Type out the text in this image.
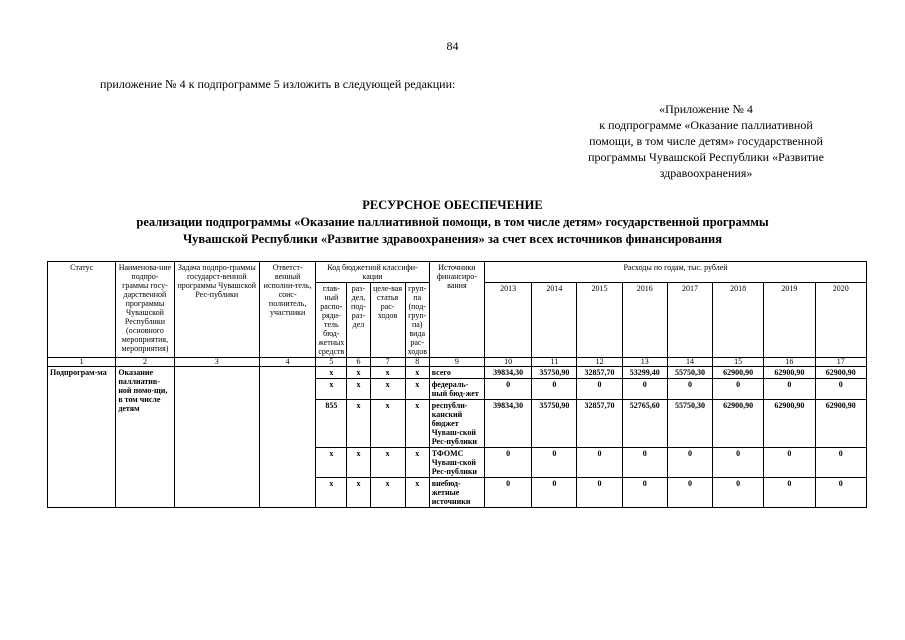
84
приложение № 4 к подпрограмме 5 изложить в следующей редакции:
«Приложение № 4
к подпрограмме «Оказание паллиативной
помощи, в том числе детям» государственной
программы Чувашской Республики «Развитие
здравоохранения»
РЕСУРСНОЕ ОБЕСПЕЧЕНИЕ
реализации подпрограммы «Оказание паллиативной помощи, в том числе детям» государственной программы
Чувашской Республики «Развитие здравоохранения» за счет всех источников финансирования
Статус	Наименова-ние подпро-граммы госу-дарственной программы Чувашской Республики (основного мероприятия, мероприятия)	Задача подпро-граммы государст-венной программы Чувашской Рес-публики	Ответст-венный исполни-тель, соис-полнитель, участники	Код бюджетной классифи-кации				Источники финансиро-вания	Расходы по годам, тыс. рублей							
				глав-ный распо-ряди-тель бюд-жетных средств	раз-дел, под-раз-дел	целе-вая статья рас-ходов	груп-па (под-груп-па) вида рас-ходов		2013	2014	2015	2016	2017	2018	2019	2020
1	2	3	4	5	6	7	8	9	10	11	12	13	14	15	16	17
Подпрограм-ма	Оказание паллиатив-ной помо-щи, в том числе детям			x	x	x	x	всего	39834,30	35750,90	32857,70	53299,40	55750,30	62900,90	62900,90	62900,90
				x	x	x	x	федераль-ный бюд-жет	0	0	0	0	0	0	0	0
				855	x	x	x	республи-канский бюджет Чуваш-ской Рес-публики	39834,30	35750,90	32857,70	52765,60	55750,30	62900,90	62900,90	62900,90
				x	x	x	x	ТФОМС Чуваш-ской Рес-публики	0	0	0	0	0	0	0	0
				x	x	x	x	внебюд-жетные источники	0	0	0	0	0	0	0	0
